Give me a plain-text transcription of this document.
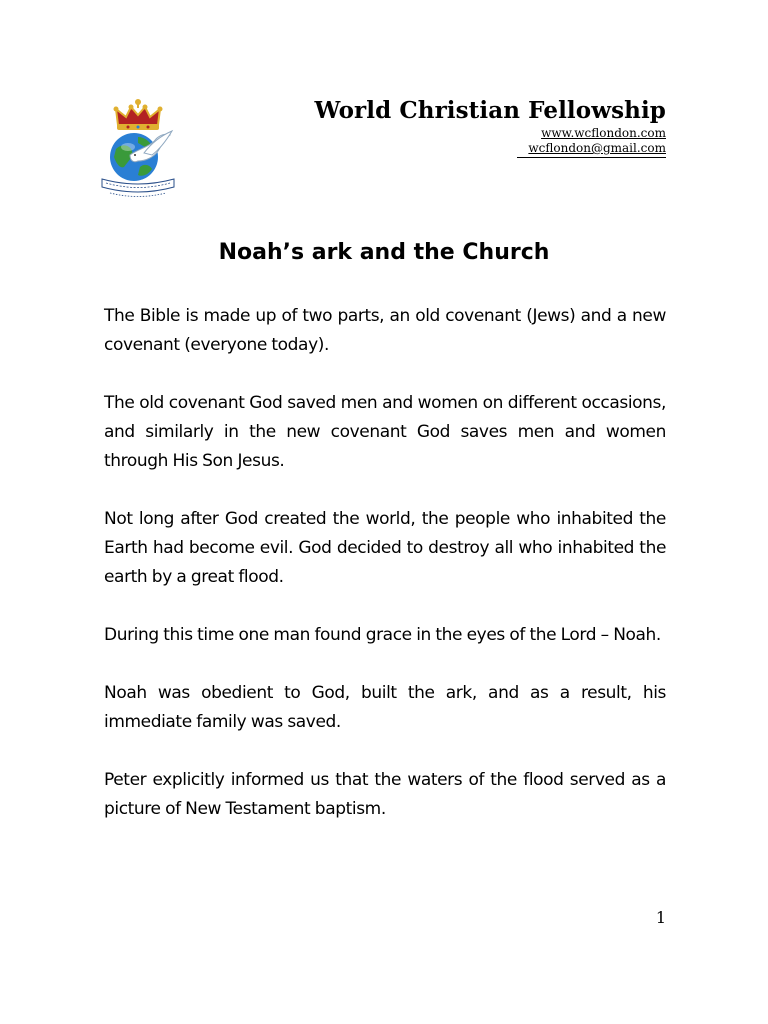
World Christian Fellowship
www.wcflondon.com
wcflondon@gmail.com
Noah’s ark and the Church

The Bible is made up of two parts, an old covenant (Jews) and a new covenant (everyone today).

The old covenant God saved men and women on different occasions, and similarly in the new covenant God saves men and women through His Son Jesus.

Not long after God created the world, the people who inhabited the Earth had become evil. God decided to destroy all who inhabited the earth by a great flood.

During this time one man found grace in the eyes of the Lord – Noah.

Noah was obedient to God, built the ark, and as a result, his immediate family was saved.

Peter explicitly informed us that the waters of the flood served as a picture of New Testament baptism.

1
